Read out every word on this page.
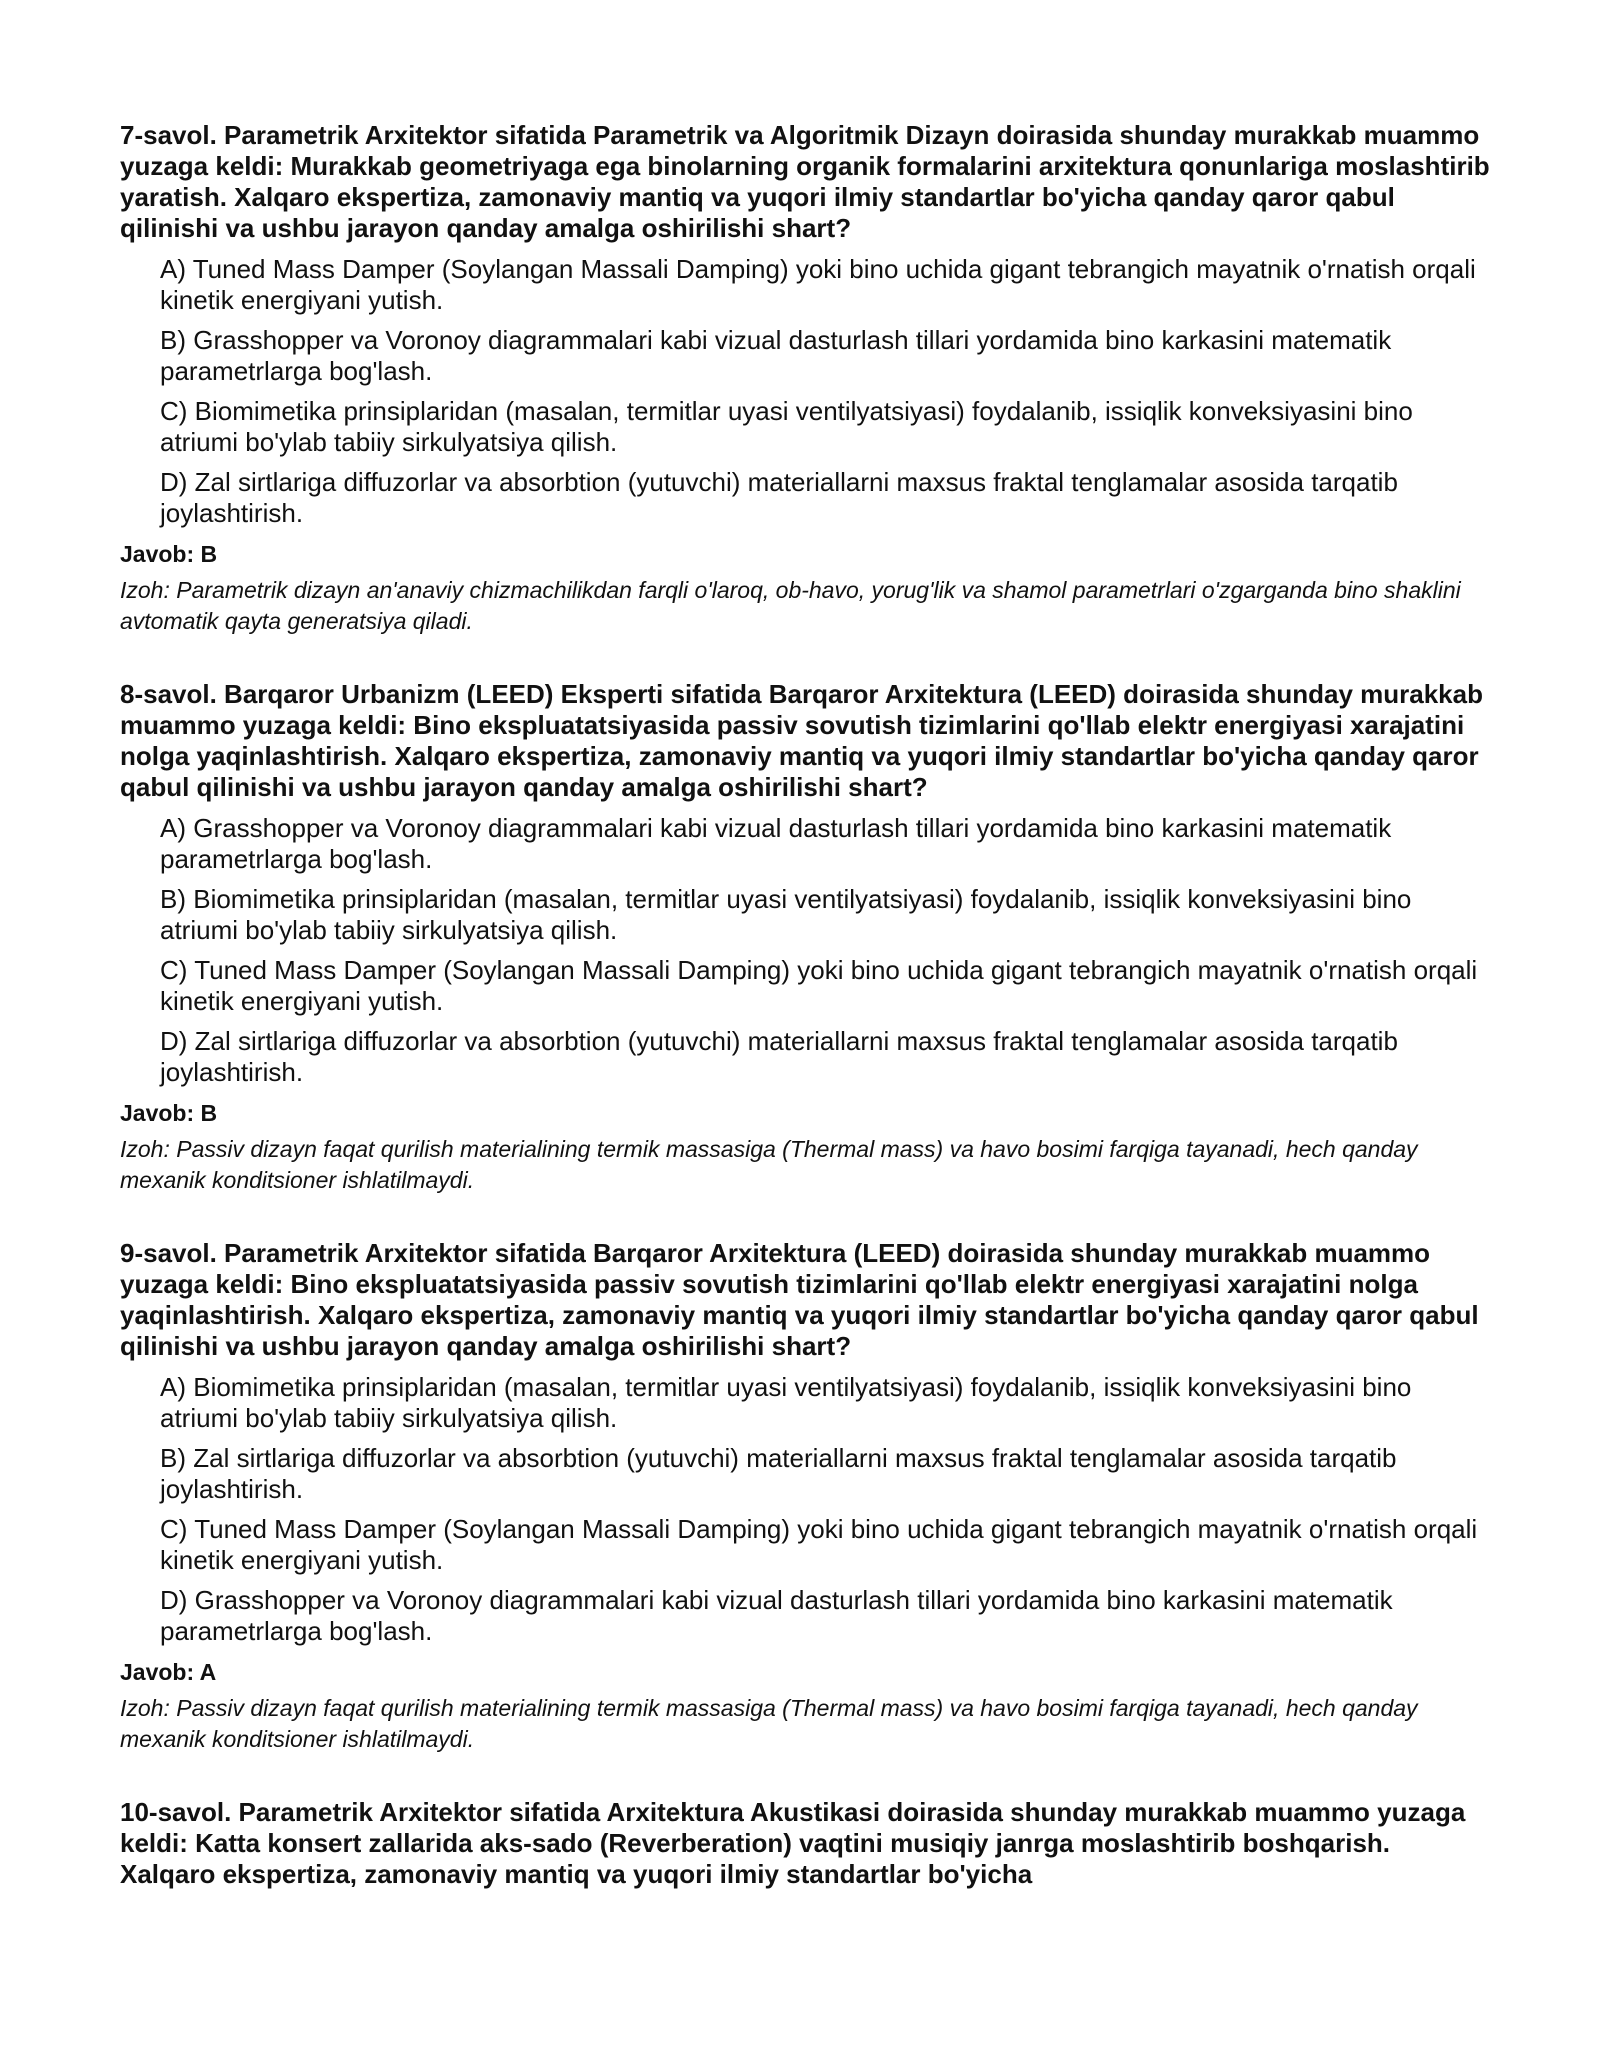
7-savol. Parametrik Arxitektor sifatida Parametrik va Algoritmik Dizayn doirasida shunday murakkab muammo yuzaga keldi: Murakkab geometriyaga ega binolarning organik formalarini arxitektura qonunlariga moslashtirib yaratish. Xalqaro ekspertiza, zamonaviy mantiq va yuqori ilmiy standartlar bo'yicha qanday qaror qabul qilinishi va ushbu jarayon qanday amalga oshirilishi shart?

A) Tuned Mass Damper (Soylangan Massali Damping) yoki bino uchida gigant tebrangich mayatnik o'rnatish orqali kinetik energiyani yutish.
B) Grasshopper va Voronoy diagrammalari kabi vizual dasturlash tillari yordamida bino karkasini matematik parametrlarga bog'lash.
C) Biomimetika prinsiplaridan (masalan, termitlar uyasi ventilyatsiyasi) foydalanib, issiqlik konveksiyasini bino atriumi bo'ylab tabiiy sirkulyatsiya qilish.
D) Zal sirtlariga diffuzorlar va absorbtion (yutuvchi) materiallarni maxsus fraktal tenglamalar asosida tarqatib joylashtirish.

Javob: B

Izoh: Parametrik dizayn an'anaviy chizmachilikdan farqli o'laroq, ob-havo, yorug'lik va shamol parametrlari o'zgarganda bino shaklini avtomatik qayta generatsiya qiladi.

8-savol. Barqaror Urbanizm (LEED) Eksperti sifatida Barqaror Arxitektura (LEED) doirasida shunday murakkab muammo yuzaga keldi: Bino ekspluatatsiyasida passiv sovutish tizimlarini qo'llab elektr energiyasi xarajatini nolga yaqinlashtirish. Xalqaro ekspertiza, zamonaviy mantiq va yuqori ilmiy standartlar bo'yicha qanday qaror qabul qilinishi va ushbu jarayon qanday amalga oshirilishi shart?

A) Grasshopper va Voronoy diagrammalari kabi vizual dasturlash tillari yordamida bino karkasini matematik parametrlarga bog'lash.
B) Biomimetika prinsiplaridan (masalan, termitlar uyasi ventilyatsiyasi) foydalanib, issiqlik konveksiyasini bino atriumi bo'ylab tabiiy sirkulyatsiya qilish.
C) Tuned Mass Damper (Soylangan Massali Damping) yoki bino uchida gigant tebrangich mayatnik o'rnatish orqali kinetik energiyani yutish.
D) Zal sirtlariga diffuzorlar va absorbtion (yutuvchi) materiallarni maxsus fraktal tenglamalar asosida tarqatib joylashtirish.

Javob: B

Izoh: Passiv dizayn faqat qurilish materialining termik massasiga (Thermal mass) va havo bosimi farqiga tayanadi, hech qanday mexanik konditsioner ishlatilmaydi.

9-savol. Parametrik Arxitektor sifatida Barqaror Arxitektura (LEED) doirasida shunday murakkab muammo yuzaga keldi: Bino ekspluatatsiyasida passiv sovutish tizimlarini qo'llab elektr energiyasi xarajatini nolga yaqinlashtirish. Xalqaro ekspertiza, zamonaviy mantiq va yuqori ilmiy standartlar bo'yicha qanday qaror qabul qilinishi va ushbu jarayon qanday amalga oshirilishi shart?

A) Biomimetika prinsiplaridan (masalan, termitlar uyasi ventilyatsiyasi) foydalanib, issiqlik konveksiyasini bino atriumi bo'ylab tabiiy sirkulyatsiya qilish.
B) Zal sirtlariga diffuzorlar va absorbtion (yutuvchi) materiallarni maxsus fraktal tenglamalar asosida tarqatib joylashtirish.
C) Tuned Mass Damper (Soylangan Massali Damping) yoki bino uchida gigant tebrangich mayatnik o'rnatish orqali kinetik energiyani yutish.
D) Grasshopper va Voronoy diagrammalari kabi vizual dasturlash tillari yordamida bino karkasini matematik parametrlarga bog'lash.

Javob: A

Izoh: Passiv dizayn faqat qurilish materialining termik massasiga (Thermal mass) va havo bosimi farqiga tayanadi, hech qanday mexanik konditsioner ishlatilmaydi.

10-savol. Parametrik Arxitektor sifatida Arxitektura Akustikasi doirasida shunday murakkab muammo yuzaga keldi: Katta konsert zallarida aks-sado (Reverberation) vaqtini musiqiy janrga moslashtirib boshqarish. Xalqaro ekspertiza, zamonaviy mantiq va yuqori ilmiy standartlar bo'yicha
